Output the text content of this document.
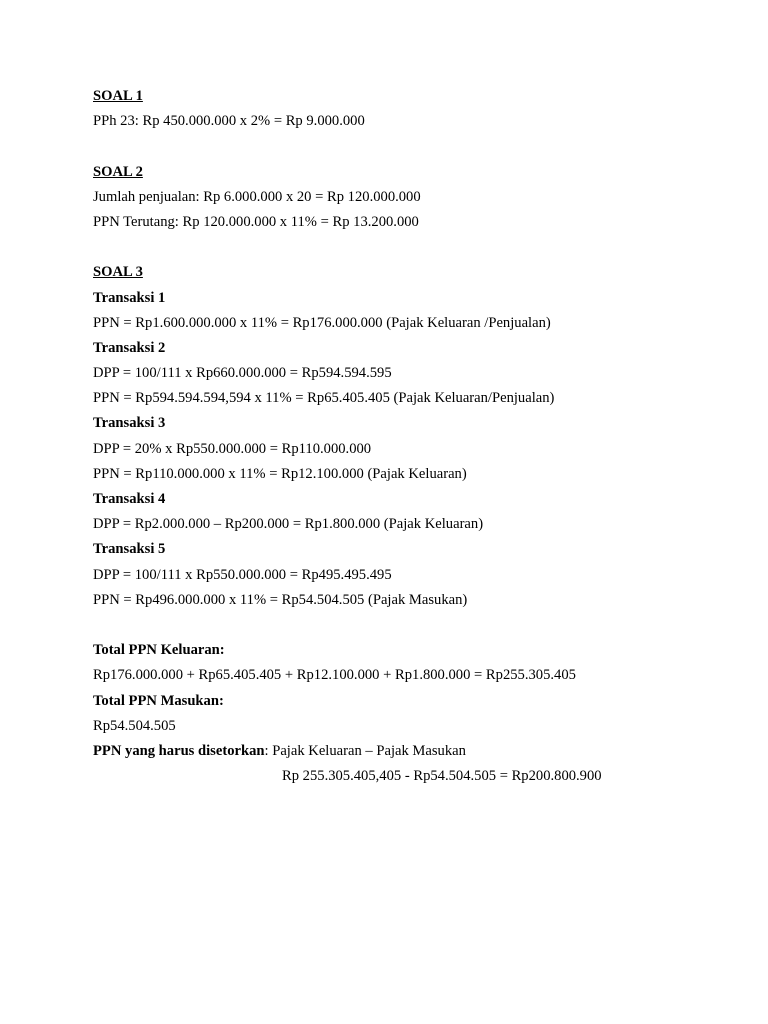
SOAL 1
PPh 23: Rp 450.000.000 x 2% = Rp 9.000.000
SOAL 2
Jumlah penjualan: Rp 6.000.000 x 20 = Rp 120.000.000
PPN Terutang: Rp 120.000.000 x 11% = Rp 13.200.000
SOAL 3
Transaksi 1
PPN = Rp1.600.000.000 x 11% = Rp176.000.000 (Pajak Keluaran /Penjualan)
Transaksi 2
DPP = 100/111 x Rp660.000.000 = Rp594.594.595
PPN = Rp594.594.594,594 x 11% = Rp65.405.405 (Pajak Keluaran/Penjualan)
Transaksi 3
DPP = 20% x Rp550.000.000 = Rp110.000.000
PPN = Rp110.000.000 x 11% = Rp12.100.000 (Pajak Keluaran)
Transaksi 4
DPP = Rp2.000.000 – Rp200.000 = Rp1.800.000 (Pajak Keluaran)
Transaksi 5
DPP = 100/111 x Rp550.000.000 = Rp495.495.495
PPN = Rp496.000.000 x 11% = Rp54.504.505 (Pajak Masukan)
Total PPN Keluaran:
Rp176.000.000 + Rp65.405.405 + Rp12.100.000 + Rp1.800.000 = Rp255.305.405
Total PPN Masukan:
Rp54.504.505
PPN yang harus disetorkan: Pajak Keluaran – Pajak Masukan
Rp 255.305.405,405 - Rp54.504.505 = Rp200.800.900
